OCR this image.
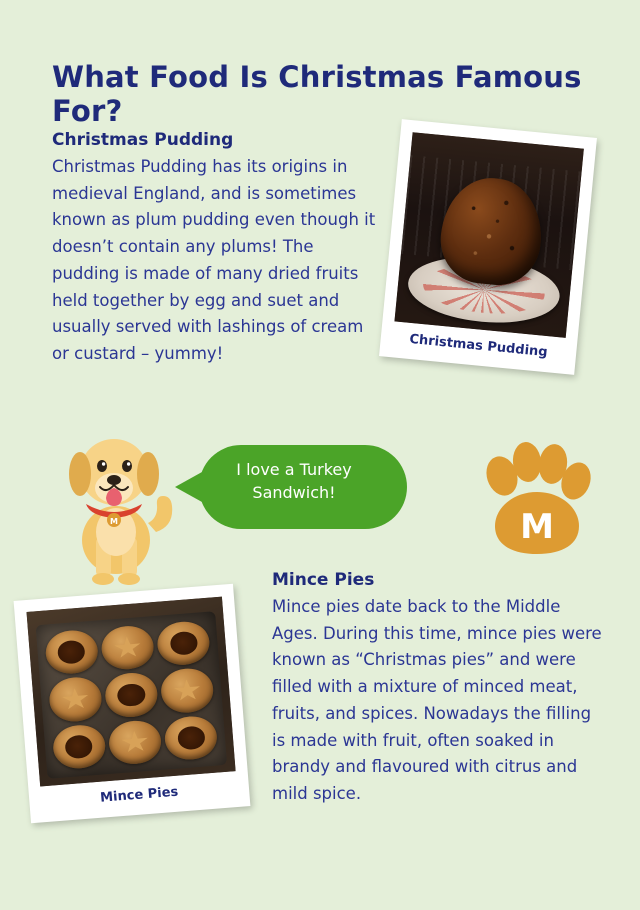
What Food Is Christmas Famous For?
Christmas Pudding
Christmas Pudding has its origins in medieval England, and is sometimes known as plum pudding even though it doesn’t contain any plums! The pudding is made of many dried fruits held together by egg and suet and usually served with lashings of cream or custard – yummy!	Christmas Pudding
M
I love a Turkey Sandwich!
M
Mince Pies
Mince Pies
Mince pies date back to the Middle Ages. During this time, mince pies were known as “Christmas pies” and were filled with a mixture of minced meat, fruits, and spices. Nowadays the filling is made with fruit, often soaked in brandy and flavoured with citrus and mild spice.
